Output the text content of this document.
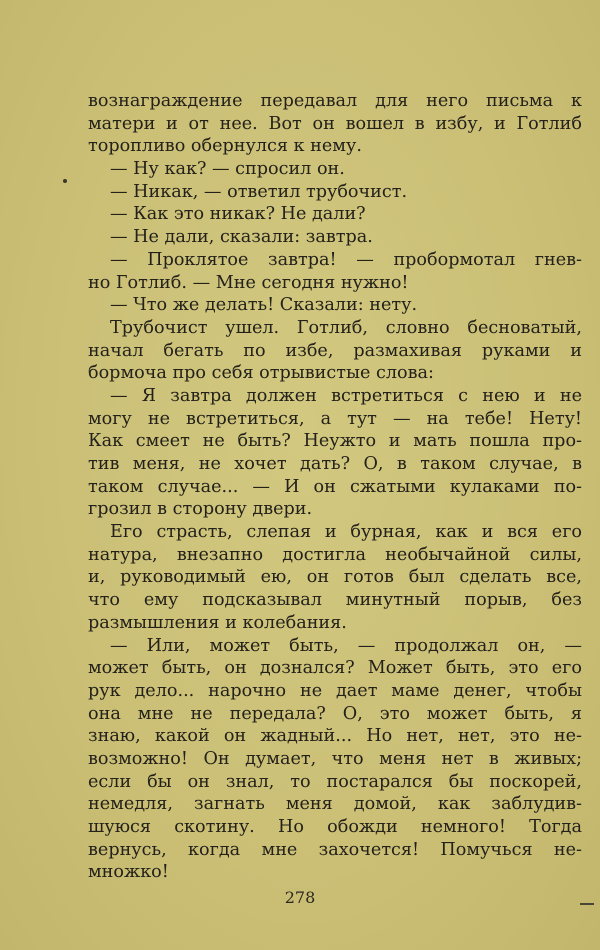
вознаграждение передавал для него письма к
матери и от нее. Вот он вошел в избу, и Готлиб
торопливо обернулся к нему.
— Ну как? — спросил он.
— Никак, — ответил трубочист.
— Как это никак? Не дали?
— Не дали, сказали: завтра.
— Проклятое завтра! — пробормотал гнев-
но Готлиб. — Мне сегодня нужно!
— Что же делать! Сказали: нету.
Трубочист ушел. Готлиб, словно бесноватый,
начал бегать по избе, размахивая руками и
бормоча про себя отрывистые слова:
— Я завтра должен встретиться с нею и не
могу не встретиться, а тут — на тебе! Нету!
Как смеет не быть? Неужто и мать пошла про-
тив меня, не хочет дать? О, в таком случае, в
таком случае... — И он сжатыми кулаками по-
грозил в сторону двери.
Его страсть, слепая и бурная, как и вся его
натура, внезапно достигла необычайной силы,
и, руководимый ею, он готов был сделать все,
что ему подсказывал минутный порыв, без
размышления и колебания.
— Или, может быть, — продолжал он, —
может быть, он дознался? Может быть, это его
рук дело... нарочно не дает маме денег, чтобы
она мне не передала? О, это может быть, я
знаю, какой он жадный... Но нет, нет, это не-
возможно! Он думает, что меня нет в живых;
если бы он знал, то постарался бы поскорей,
немедля, загнать меня домой, как заблудив-
шуюся скотину. Но обожди немного! Тогда
вернусь, когда мне захочется! Помучься не-
множко!
278
